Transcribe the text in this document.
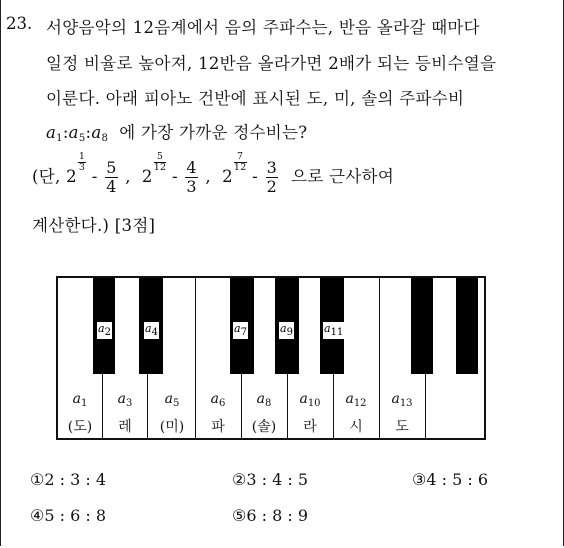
23. 서양음악의 12음계에서 음의 주파수는, 반음 올라갈 때마다
일정 비율로 높아져, 12반음 올라가면 2배가 되는 등비수열을
이룬다. 아래 피아노 건반에 표시된 도, 미, 솔의 주파수비
$a_1:a_5:a_8$ 에 가장 가까운 정수비는?
(단, 2
$\frac{1}{3}$
- $\frac{5}{4}$ , 2
$\frac{5}{12}$
- $\frac{4}{3}$ , 2
$\frac{7}{12}$
- $\frac{3}{2}$ 으로 근사하여
계산한다.) [3점]
a2	a4	a7	a9	a11
$a_1$	$a_3$	$a_5$	$a_6$	$a_8$	$a_{10}$	$a_{12}$	$a_{13}$
(도)	레	(미)	파	(솔)	라	시	도
①2 : 3 : 4	②3 : 4 : 5	③4 : 5 : 6
④5 : 6 : 8	⑤6 : 8 : 9
